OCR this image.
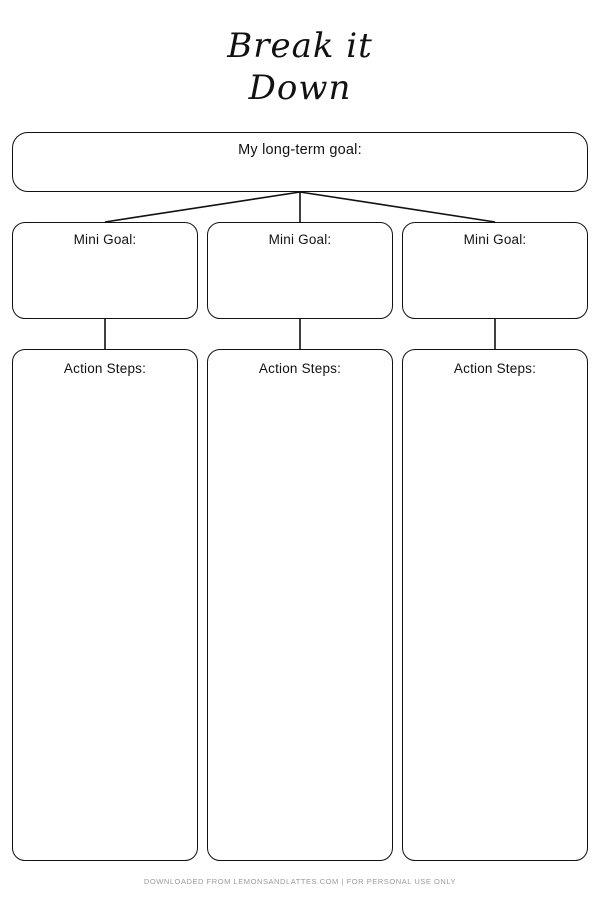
Break it
Down
My long-term goal:
Mini Goal:	Mini Goal:	Mini Goal:
Action Steps:	Action Steps:	Action Steps:
DOWNLOADED FROM LEMONSANDLATTES.COM | FOR PERSONAL USE ONLY
